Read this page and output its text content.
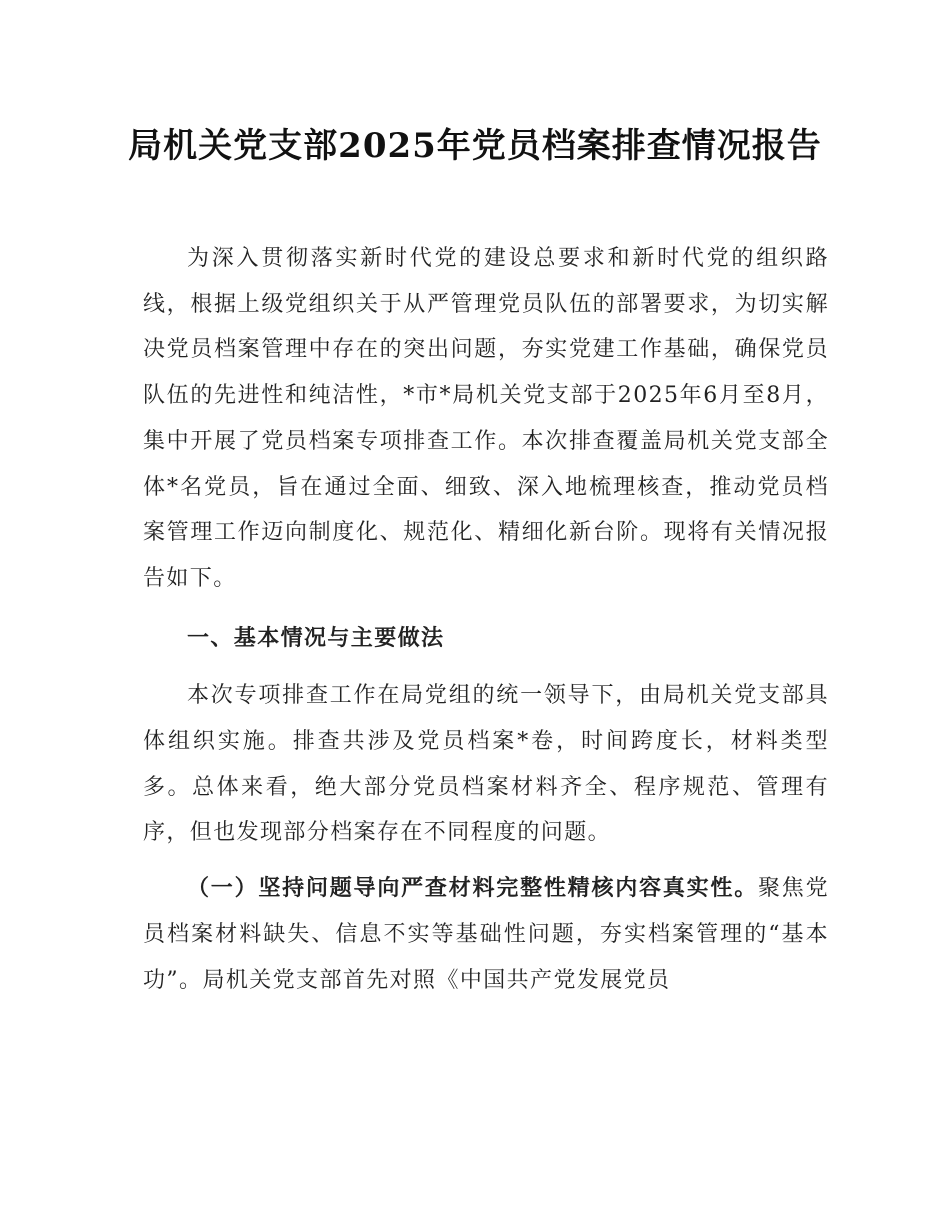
局机关党支部2025年党员档案排查情况报告

为深入贯彻落实新时代党的建设总要求和新时代党的组织路线，根据上级党组织关于从严管理党员队伍的部署要求，为切实解决党员档案管理中存在的突出问题，夯实党建工作基础，确保党员队伍的先进性和纯洁性，*市*局机关党支部于2025年6月至8月，集中开展了党员档案专项排查工作。本次排查覆盖局机关党支部全体*名党员，旨在通过全面、细致、深入地梳理核查，推动党员档案管理工作迈向制度化、规范化、精细化新台阶。现将有关情况报告如下。

一、基本情况与主要做法

本次专项排查工作在局党组的统一领导下，由局机关党支部具体组织实施。排查共涉及党员档案*卷，时间跨度长，材料类型多。总体来看，绝大部分党员档案材料齐全、程序规范、管理有序，但也发现部分档案存在不同程度的问题。

（一）坚持问题导向严查材料完整性精核内容真实性。聚焦党员档案材料缺失、信息不实等基础性问题，夯实档案管理的“基本功”。局机关党支部首先对照《中国共产党发展党员
